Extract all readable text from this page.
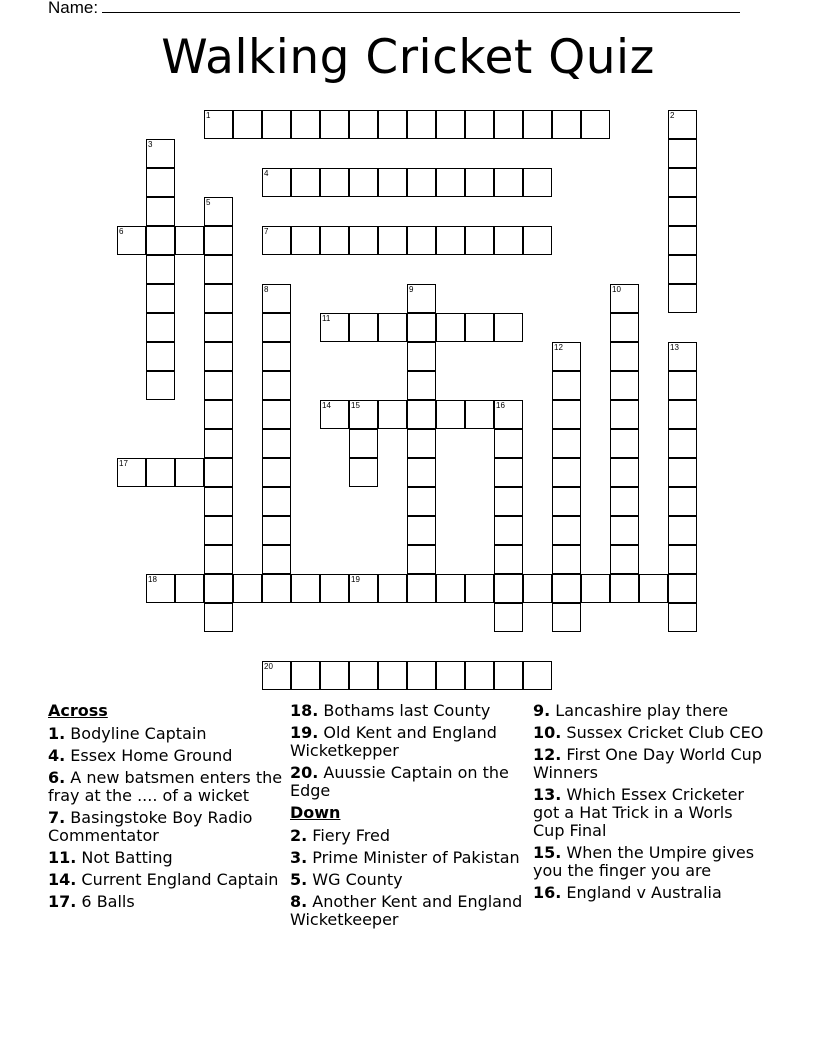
Name:
Walking Cricket Quiz
1
4
6	7
11
14	15	16
17
18	19
20
2
3
5
8	9	10
12	13
Across
1. Bodyline Captain
4. Essex Home Ground
6. A new batsmen enters the fray at the .... of a wicket
7. Basingstoke Boy Radio Commentator
11. Not Batting
14. Current England Captain
17. 6 Balls
18. Bothams last County
19. Old Kent and England Wicketkepper
20. Auussie Captain on the Edge
Down
2. Fiery Fred
3. Prime Minister of Pakistan
5. WG County
8. Another Kent and England Wicketkeeper
9. Lancashire play there
10. Sussex Cricket Club CEO
12. First One Day World Cup Winners
13. Which Essex Cricketer got a Hat Trick in a Worls Cup Final
15. When the Umpire gives you the finger you are
16. England v Australia
